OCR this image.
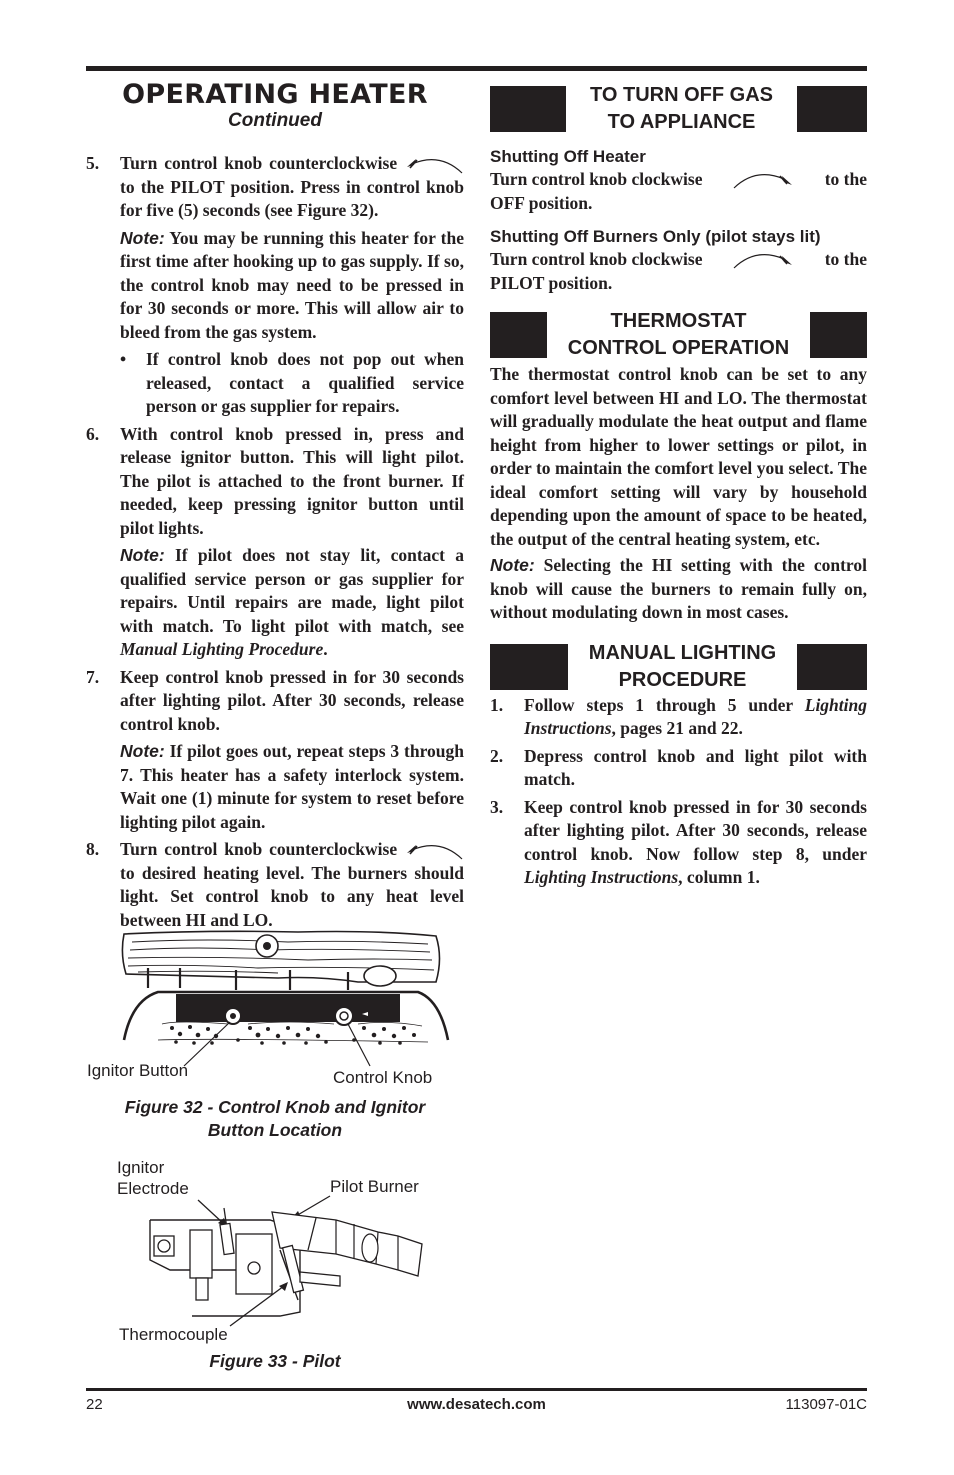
OPERATING HEATER
Continued
5.	Turn control knob counterclockwise  to the PILOT position. Press in control knob for five (5) seconds (see Figure 32).
Note: You may be running this heater for the first time after hooking up to gas supply. If so, the control knob may need to be pressed in for 30 seconds or more. This will allow air to bleed from the gas system.
•	If control knob does not pop out when released, contact a qualified service person or gas supplier for repairs.
6.	With control knob pressed in, press and release ignitor button. This will light pilot. The pilot is attached to the front burner. If needed, keep pressing ignitor button until pilot lights.
Note: If pilot does not stay lit, contact a qualified service person or gas supplier for repairs. Until repairs are made, light pilot with match. To light pilot with match, see Manual Lighting Procedure.
7.	Keep control knob pressed in for 30 seconds after lighting pilot. After 30 seconds, release control knob.
Note: If pilot goes out, repeat steps 3 through 7. This heater has a safety interlock system. Wait one (1) minute for system to reset before lighting pilot again.
8.	Turn control knob counterclockwise  to desired heating level. The burners should light. Set control knob to any heat level between HI and LO.
Ignitor Button	Control Knob
Figure 32 - Control Knob and Ignitor
Button Location
Ignitor
Electrode	Pilot Burner
Thermocouple
Figure 33 - Pilot
TO TURN OFF GAS
TO APPLIANCE
Shutting Off Heater
Turn control knob clockwise	to the
OFF position.
Shutting Off Burners Only (pilot stays lit)
Turn control knob clockwise	to the
PILOT position.
THERMOSTAT
CONTROL OPERATION
The thermostat control knob can be set to any comfort level between HI and LO. The thermostat will gradually modulate the heat output and flame height from higher to lower settings or pilot, in order to maintain the comfort level you select. The ideal comfort setting will vary by household depending upon the amount of space to be heated, the output of the central heating system, etc.
Note: Selecting the HI setting with the control knob will cause the burners to remain fully on, without modulating down in most cases.
MANUAL LIGHTING
PROCEDURE
1.	Follow steps 1 through 5 under Lighting Instructions, pages 21 and 22.
2.	Depress control knob and light pilot with match.
3.	Keep control knob pressed in for 30 seconds after lighting pilot. After 30 seconds, release control knob. Now follow step 8, under Lighting Instructions, column 1.
22	www.desatech.com	113097-01C
